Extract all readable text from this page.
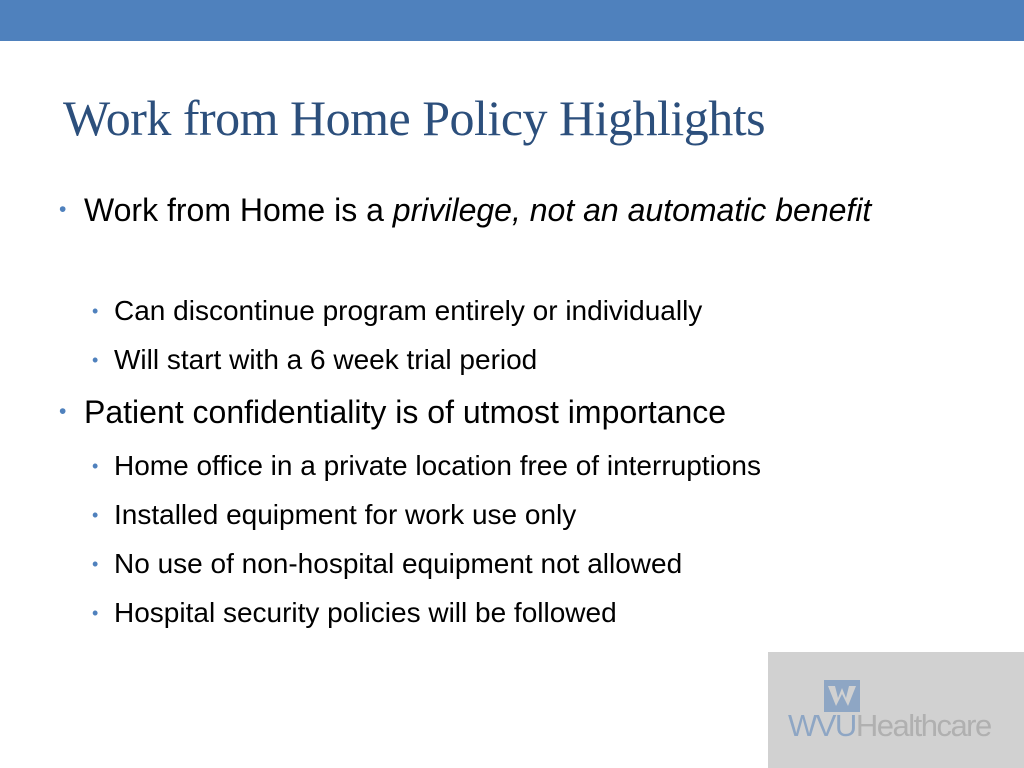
Work from Home Policy Highlights
• Work from Home is a privilege, not an automatic benefit
• Can discontinue program entirely or individually
• Will start with a 6 week trial period
• Patient confidentiality is of utmost importance
• Home office in a private location free of interruptions
• Installed equipment for work use only
• No use of non-hospital equipment not allowed
• Hospital security policies will be followed
WVUHealthcare
